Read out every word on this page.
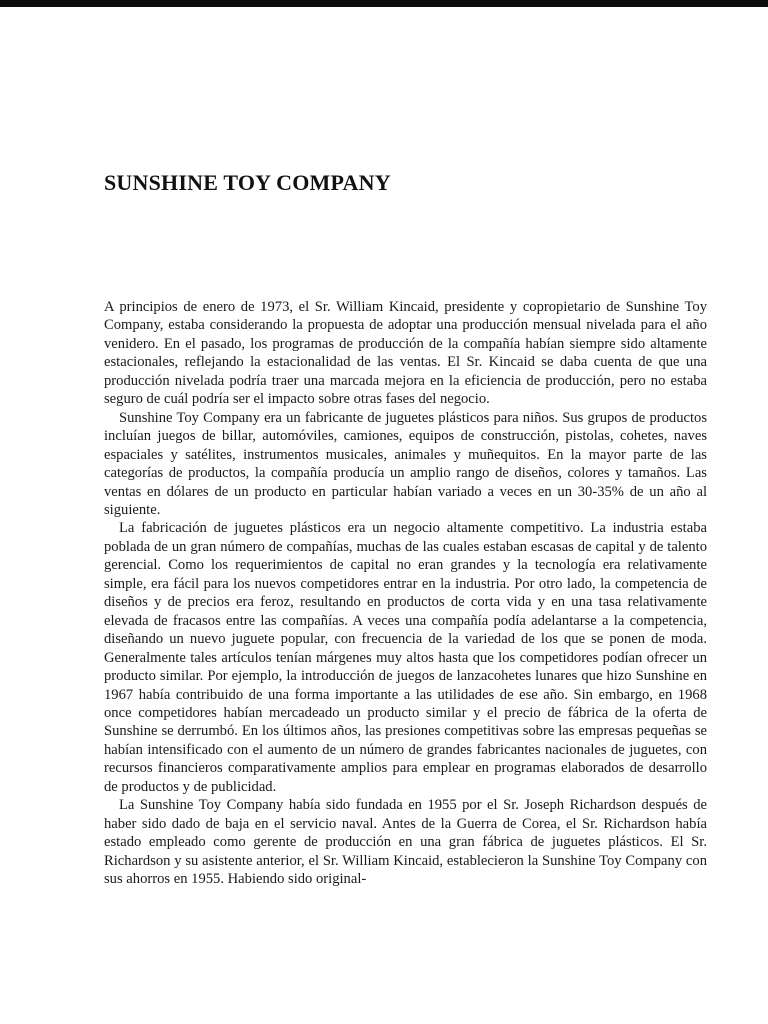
SUNSHINE TOY COMPANY

A principios de enero de 1973, el Sr. William Kincaid, presidente y copropietario de Sunshine Toy Company, estaba considerando la propuesta de adoptar una producción mensual nivelada para el año venidero. En el pasado, los programas de producción de la compañía habían siempre sido altamente estacionales, reflejando la estacionalidad de las ventas. El Sr. Kincaid se daba cuenta de que una producción nivelada podría traer una marcada mejora en la eficiencia de producción, pero no estaba seguro de cuál podría ser el impacto sobre otras fases del negocio.

Sunshine Toy Company era un fabricante de juguetes plásticos para niños. Sus grupos de productos incluían juegos de billar, automóviles, camiones, equipos de construcción, pistolas, cohetes, naves espaciales y satélites, instrumentos musicales, animales y muñequitos. En la mayor parte de las categorías de productos, la compañía producía un amplio rango de diseños, colores y tamaños. Las ventas en dólares de un producto en particular habían variado a veces en un 30-35% de un año al siguiente.

La fabricación de juguetes plásticos era un negocio altamente competitivo. La industria estaba poblada de un gran número de compañías, muchas de las cuales estaban escasas de capital y de talento gerencial. Como los requerimientos de capital no eran grandes y la tecnología era relativamente simple, era fácil para los nuevos competidores entrar en la industria. Por otro lado, la competencia de diseños y de precios era feroz, resultando en productos de corta vida y en una tasa relativamente elevada de fracasos entre las compañías. A veces una compañía podía adelantarse a la competencia, diseñando un nuevo juguete popular, con frecuencia de la variedad de los que se ponen de moda. Generalmente tales artículos tenían márgenes muy altos hasta que los competidores podían ofrecer un producto similar. Por ejemplo, la introducción de juegos de lanzacohetes lunares que hizo Sunshine en 1967 había contribuido de una forma importante a las utilidades de ese año. Sin embargo, en 1968 once competidores habían mercadeado un producto similar y el precio de fábrica de la oferta de Sunshine se derrumbó. En los últimos años, las presiones competitivas sobre las empresas pequeñas se habían intensificado con el aumento de un número de grandes fabricantes nacionales de juguetes, con recursos financieros comparativamente amplios para emplear en programas elaborados de desarrollo de productos y de publicidad.

La Sunshine Toy Company había sido fundada en 1955 por el Sr. Joseph Richardson después de haber sido dado de baja en el servicio naval. Antes de la Guerra de Corea, el Sr. Richardson había estado empleado como gerente de producción en una gran fábrica de juguetes plásticos. El Sr. Richardson y su asistente anterior, el Sr. William Kincaid, establecieron la Sunshine Toy Company con sus ahorros en 1955. Habiendo sido original-
